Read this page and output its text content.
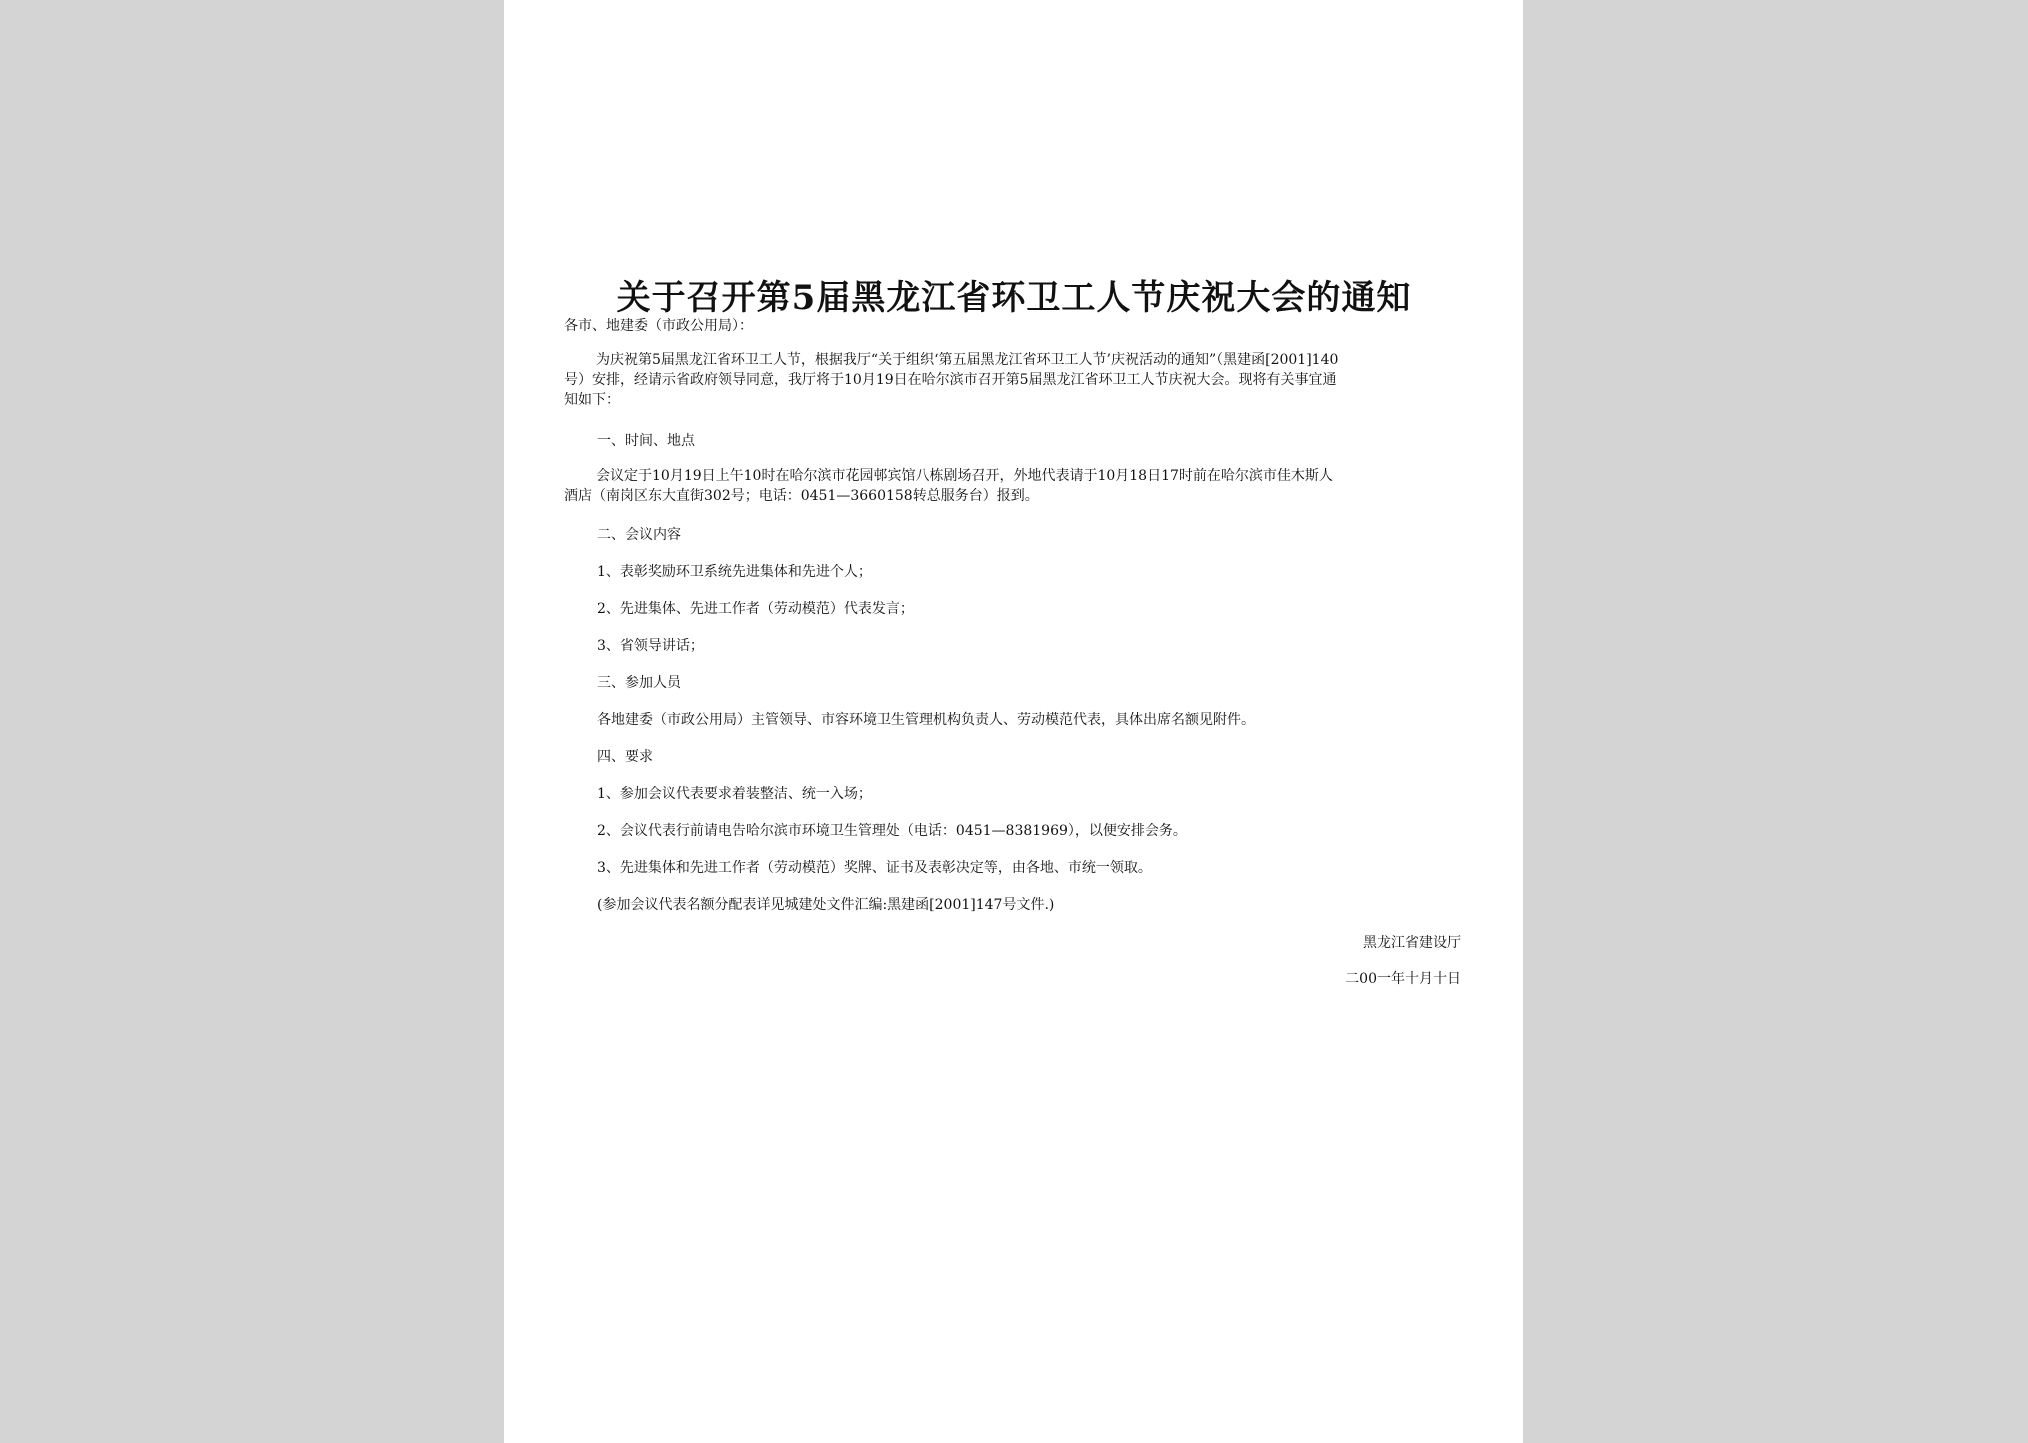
关于召开第5届黑龙江省环卫工人节庆祝大会的通知
各市、地建委（市政公用局）：
为庆祝第5届黑龙江省环卫工人节，根据我厅“关于组织‘第五届黑龙江省环卫工人节’庆祝活动的通知”（黑建函[2001]140
号）安排，经请示省政府领导同意，我厅将于10月19日在哈尔滨市召开第5届黑龙江省环卫工人节庆祝大会。现将有关事宜通
知如下：
一、时间、地点
会议定于10月19日上午10时在哈尔滨市花园邨宾馆八栋剧场召开，外地代表请于10月18日17时前在哈尔滨市佳木斯人
酒店（南岗区东大直街302号；电话：0451—3660158转总服务台）报到。
二、会议内容
1、表彰奖励环卫系统先进集体和先进个人；
2、先进集体、先进工作者（劳动模范）代表发言；
3、省领导讲话；
三、参加人员
各地建委（市政公用局）主管领导、市容环境卫生管理机构负责人、劳动模范代表，具体出席名额见附件。
四、要求
1、参加会议代表要求着装整洁、统一入场；
2、会议代表行前请电告哈尔滨市环境卫生管理处（电话：0451—8381969），以便安排会务。
3、先进集体和先进工作者（劳动模范）奖牌、证书及表彰决定等，由各地、市统一领取。
(参加会议代表名额分配表详见城建处文件汇编:黑建函[2001]147号文件.)
黑龙江省建设厅
二00一年十月十日
